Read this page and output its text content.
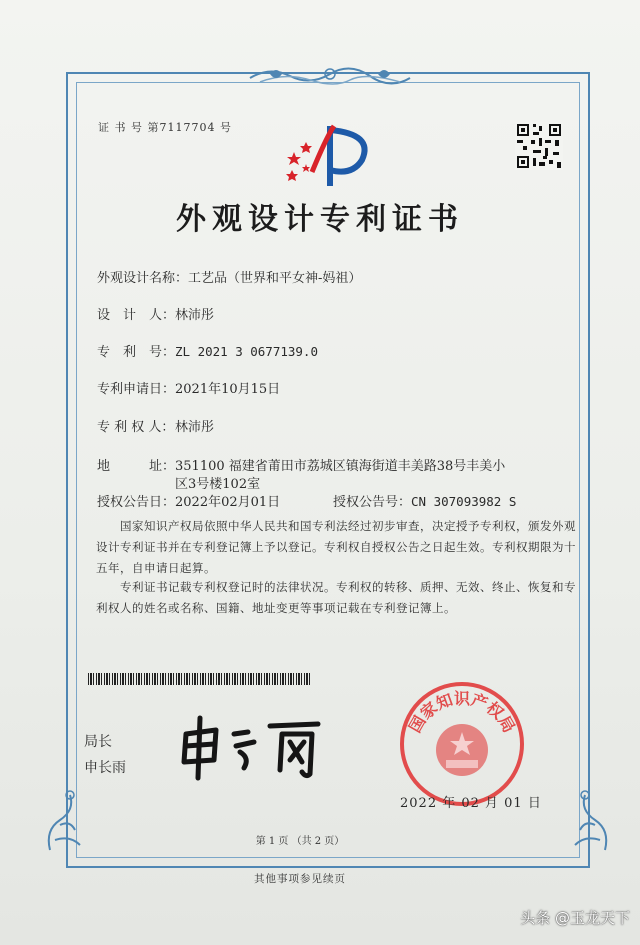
证 书 号 第7117704 号
外观设计专利证书
外观设计名称：工艺品（世界和平女神-妈祖）
设　计　人：林沛彤
专　利　号：ZL 2021 3 0677139.0
专利申请日：2021年10月15日
专 利 权 人：林沛彤
地　　　址：351100 福建省莆田市荔城区镇海街道丰美路38号丰美小
区3号楼102室
授权公告日：2022年02月01日	授权公告号：CN 307093982 S
国家知识产权局依照中华人民共和国专利法经过初步审查，决定授予专利权，颁发外观设计专利证书并在专利登记簿上予以登记。专利权自授权公告之日起生效。专利权期限为十五年，自申请日起算。
专利证书记载专利权登记时的法律状况。专利权的转移、质押、无效、终止、恢复和专利权人的姓名或名称、国籍、地址变更等事项记载在专利登记簿上。
局长
申长雨
国家知识产权局
2022 年 02 月 01 日
第 1 页 （共 2 页）
其他事项参见续页
头条 @玉龙天下
